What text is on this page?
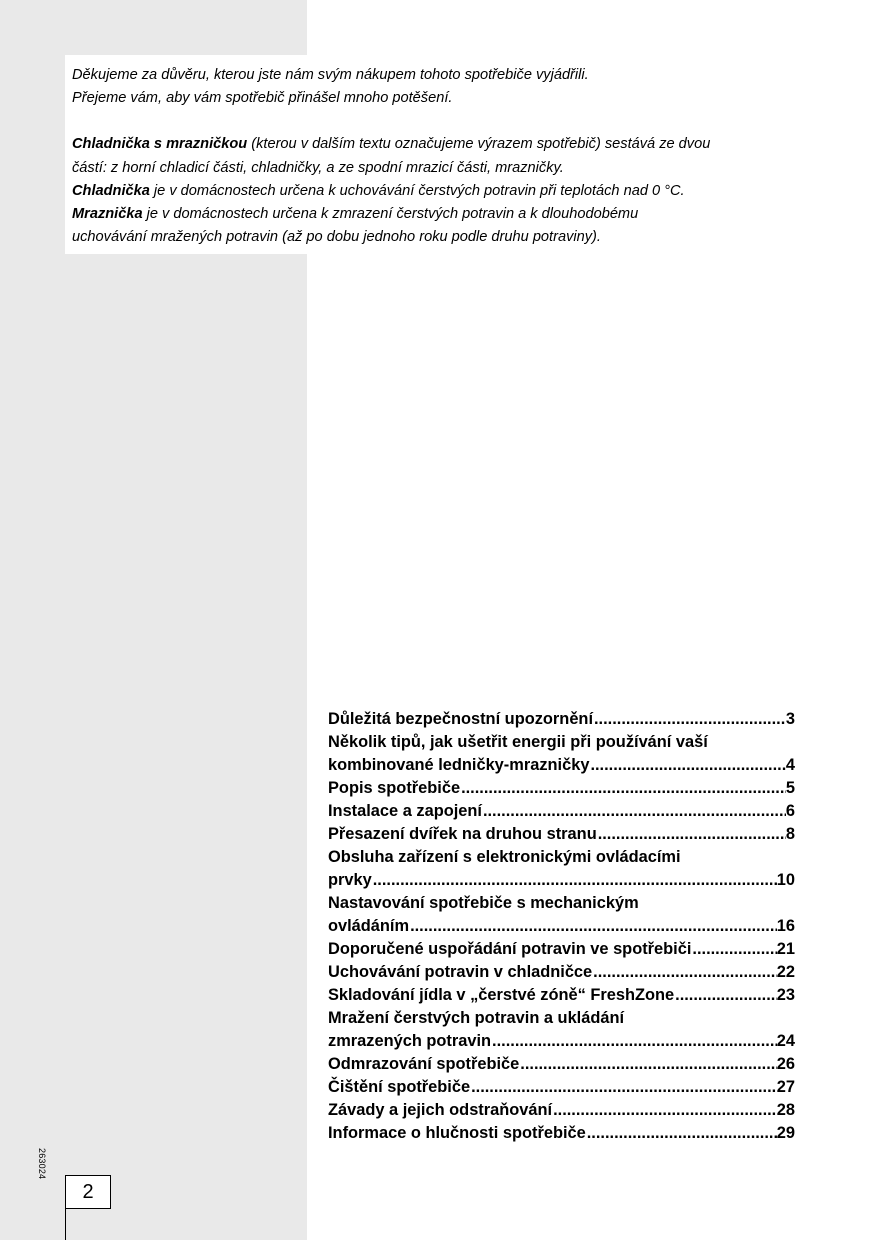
Děkujeme za důvěru, kterou jste nám svým nákupem tohoto spotřebiče vyjádřili.

Přejeme vám, aby vám spotřebič přinášel mnoho potěšení.

Chladnička s mrazničkou (kterou v dalším textu označujeme výrazem spotřebič) sestává ze dvou

částí: z horní chladicí části, chladničky, a ze spodní mrazicí části, mrazničky.

Chladnička je v domácnostech určena k uchovávání čerstvých potravin při teplotách nad 0 °C.

Mraznička je v domácnostech určena k zmrazení čerstvých potravin a k dlouhodobému

uchovávání mražených potravin (až po dobu jednoho roku podle druhu potraviny).

Důležitá bezpečnostní upozornění .....	3
Několik tipů, jak ušetřit energii při používání vaší
kombinované ledničky-mrazničky .....	4
Popis spotřebiče .....	5
Instalace a zapojení .....	6
Přesazení dvířek na druhou stranu .....	8
Obsluha zařízení s elektronickými ovládacími
prvky .....	10
Nastavování spotřebiče s mechanickým
ovládáním .....	16
Doporučené uspořádání potravin ve spotřebiči .....	21
Uchovávání potravin v chladničce .....	22
Skladování jídla v „čerstvé zóně“ FreshZone .....	23
Mražení čerstvých potravin a ukládání
zmrazených potravin .....	24
Odmrazování spotřebiče .....	26
Čištění spotřebiče .....	27
Závady a jejich odstraňování .....	28
Informace o hlučnosti spotřebiče .....	29
263024
2
